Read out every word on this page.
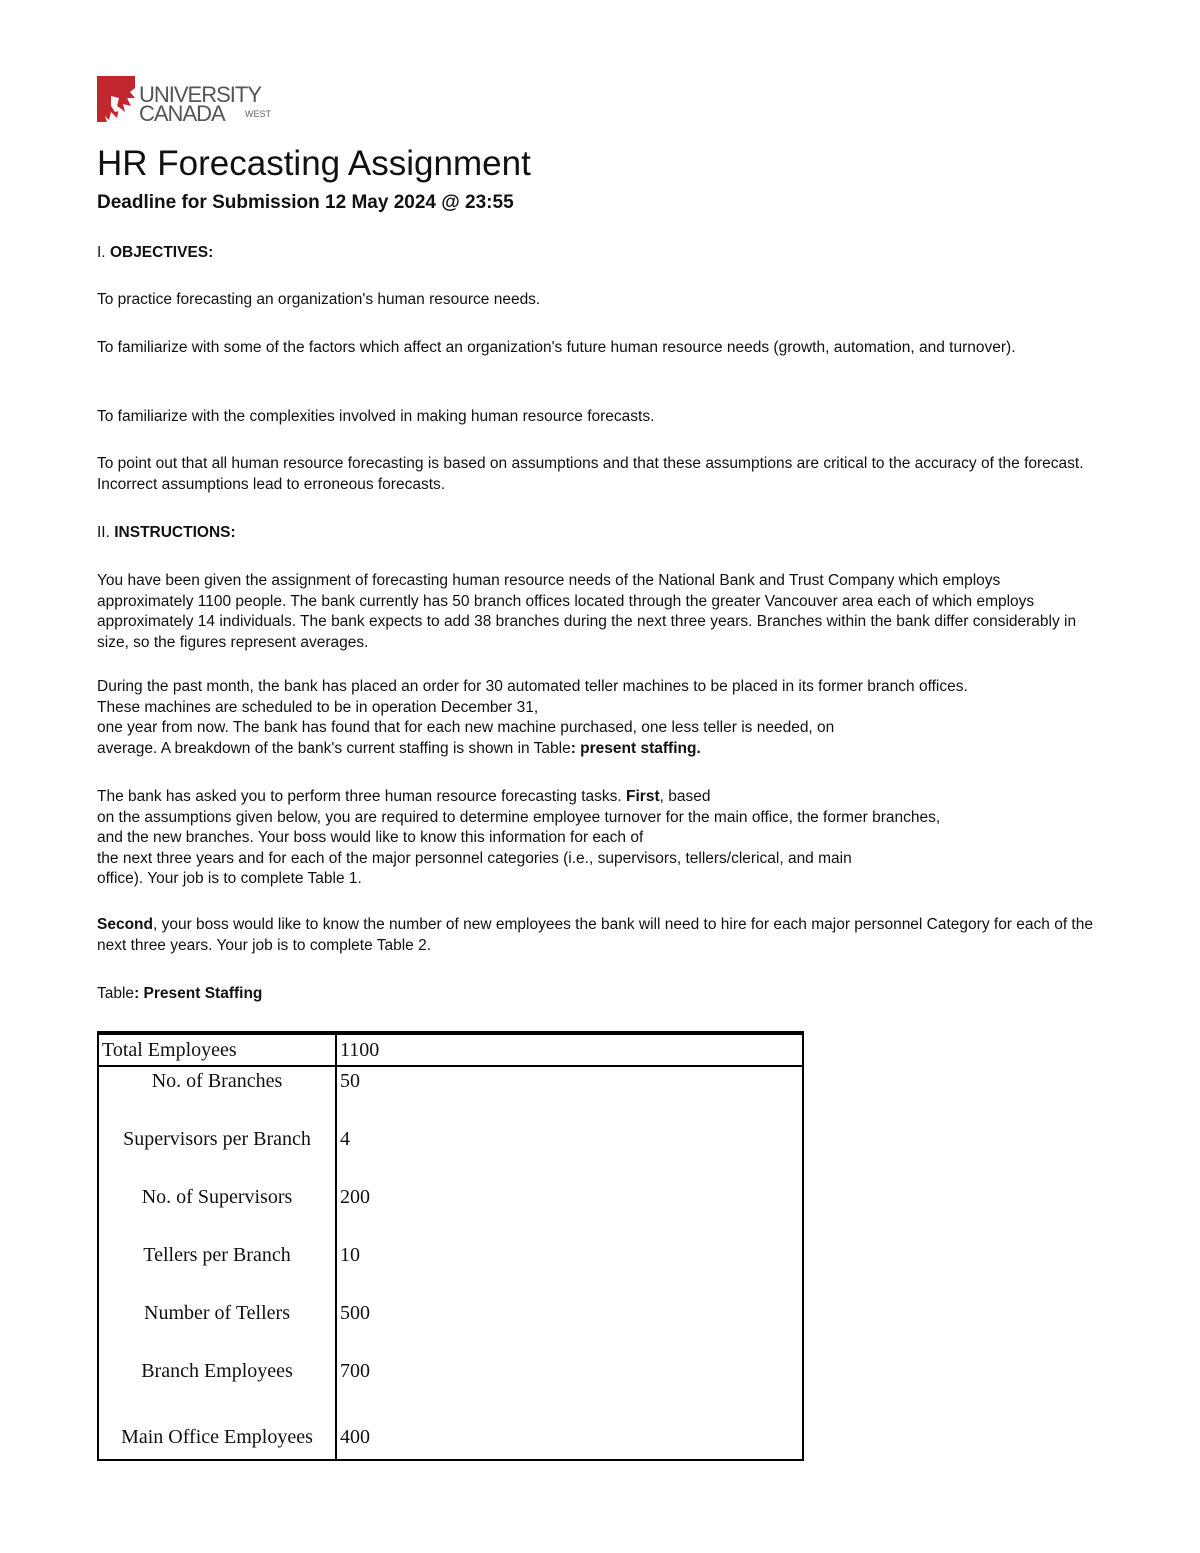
UNIVERSITY
CANADA WEST
HR Forecasting Assignment
Deadline for Submission 12 May 2024 @ 23:55

I. OBJECTIVES:

To practice forecasting an organization's human resource needs.

To familiarize with some of the factors which affect an organization's future human resource needs (growth, automation, and turnover).

To familiarize with the complexities involved in making human resource forecasts.

To point out that all human resource forecasting is based on assumptions and that these assumptions are critical to the accuracy of the forecast. Incorrect assumptions lead to erroneous forecasts.

II. INSTRUCTIONS:

You have been given the assignment of forecasting human resource needs of the National Bank and Trust Company which employs approximately 1100 people. The bank currently has 50 branch offices located through the greater Vancouver area each of which employs approximately 14 individuals. The bank expects to add 38 branches during the next three years. Branches within the bank differ considerably in size, so the figures represent averages.

During the past month, the bank has placed an order for 30 automated teller machines to be placed in its former branch offices.
These machines are scheduled to be in operation December 31,
one year from now. The bank has found that for each new machine purchased, one less teller is needed, on
average. A breakdown of the bank's current staffing is shown in Table: present staffing.

The bank has asked you to perform three human resource forecasting tasks. First, based
on the assumptions given below, you are required to determine employee turnover for the main office, the former branches,
and the new branches. Your boss would like to know this information for each of
the next three years and for each of the major personnel categories (i.e., supervisors, tellers/clerical, and main
office). Your job is to complete Table 1.

Second, your boss would like to know the number of new employees the bank will need to hire for each major personnel Category for each of the next three years. Your job is to complete Table 2.

Table: Present Staffing

Total Employees	1100
No. of Branches	50
Supervisors per Branch	4
No. of Supervisors	200
Tellers per Branch	10
Number of Tellers	500
Branch Employees	700
Main Office Employees	400
